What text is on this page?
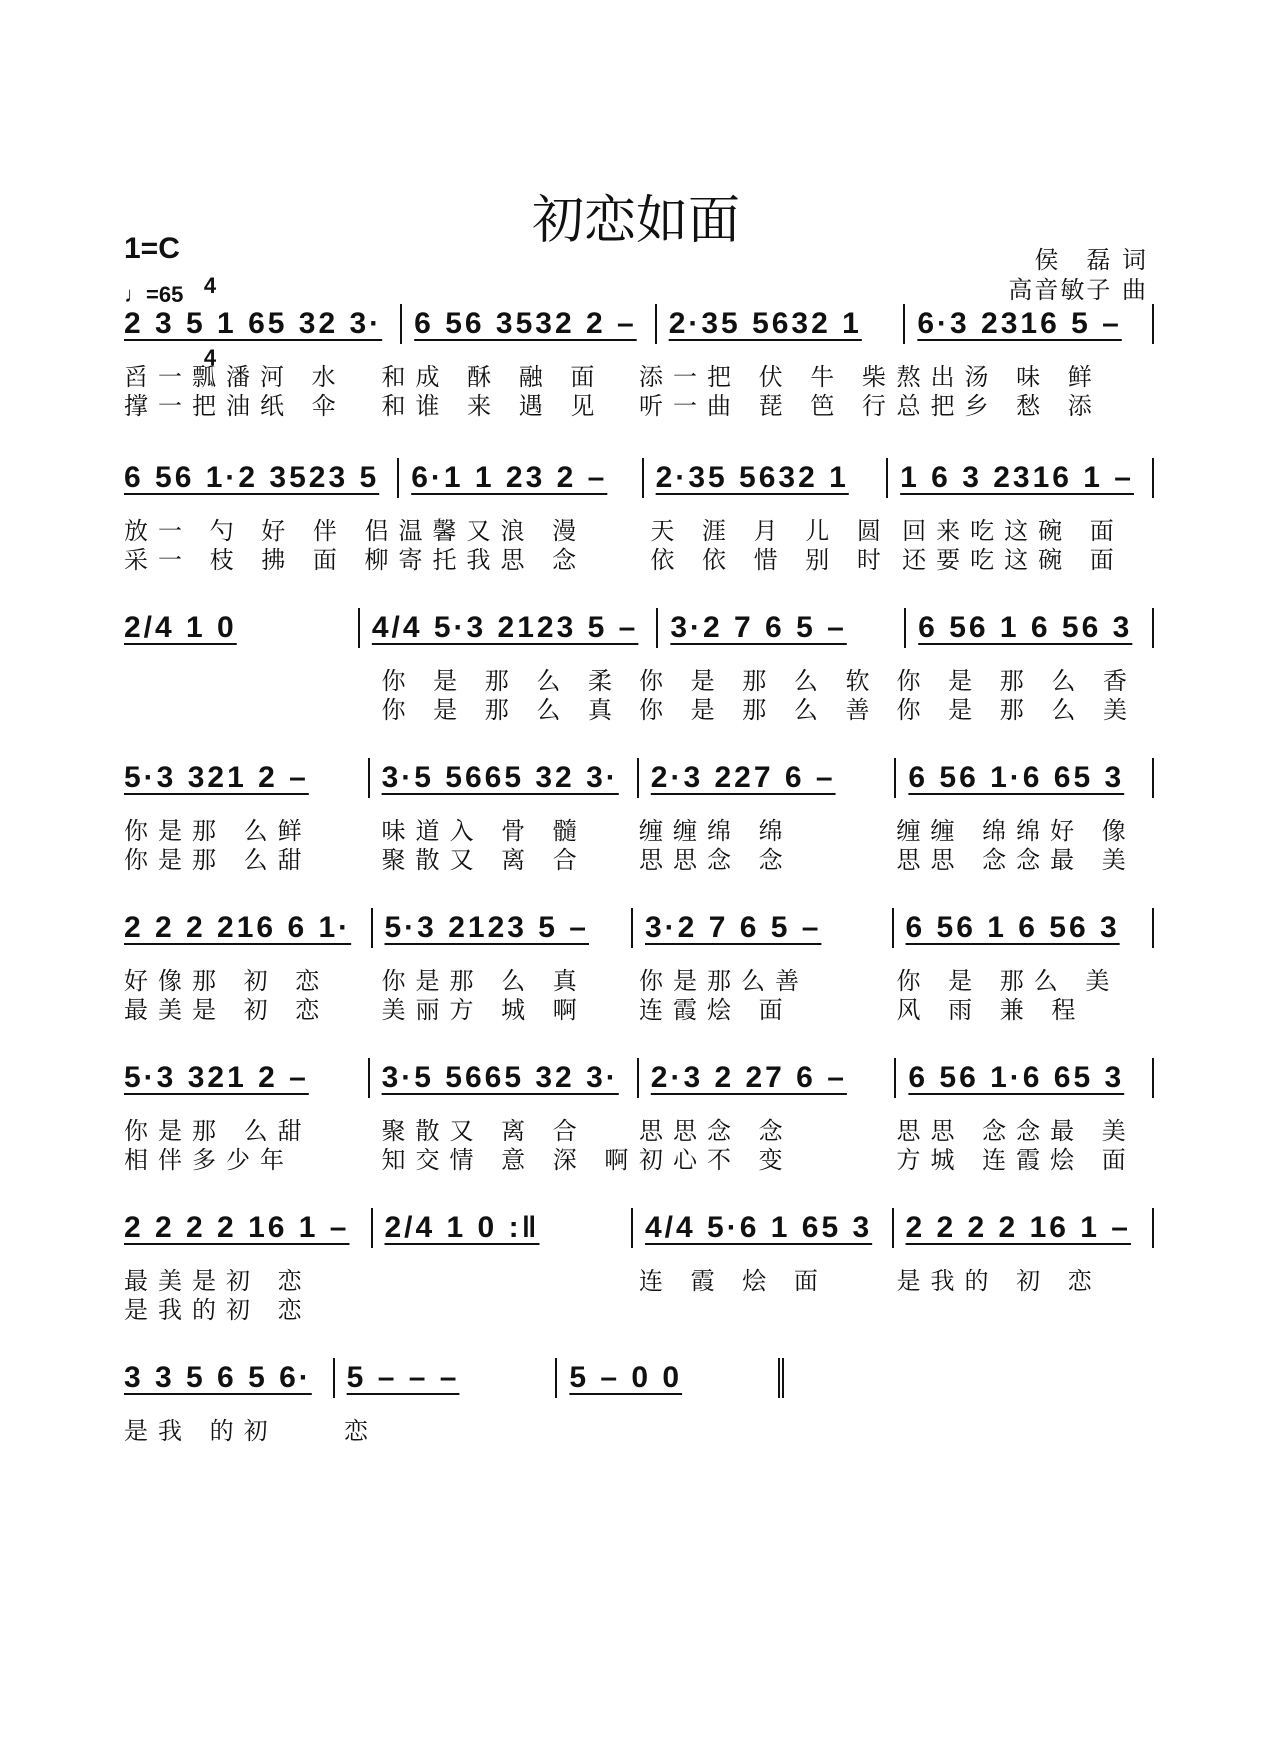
初恋如面
1=C

4

4

♩=65
侯　磊 词
高音敏子 曲
2 3 5 1 65 32 3· 6 56 3532 2 – 2·35 5632 1 6·3 2316 5 –
舀一瓢潘河 水	和成 酥 融 面	添一把 伏 牛 柴 熬出汤 味 鲜
撑一把油纸 伞	和谁 来 遇 见	听一曲 琵 笆 行 总把乡 愁 添
6 56 1·2 3523 5 6·1 1 23 2 – 2·35 5632 1 1 6 3 2316 1 –
放一 勺 好 伴 侣 温馨又浪 漫	天 涯 月 儿 圆 回来吃这碗 面
采一 枝 拂 面 柳 寄托我思 念	依 依 惜 别 时 还要吃这碗 面
2/4 1 0	4/4 5·3 2123 5 – 3·2 7 6 5 – 6 56 1 6 56 3
你 是 那 么 柔 你 是 那 么 软 你 是 那 么 香
你 是 那 么 真 你 是 那 么 善 你 是 那 么 美
5·3 321 2 – 3·5 5665 32 3· 2·3 227 6 – 6 56 1·6 65 3
你是那 么鲜	味道入 骨 髓	缠缠绵 绵	缠缠 绵绵好 像
你是那 么甜	聚散又 离 合	思思念 念	思思 念念最 美
2 2 2 216 6 1· 5·3 2123 5 – 3·2 7 6 5 –	6 56 1 6 56 3
好像那 初 恋	你是那 么 真	你是那么善	你 是 那么 美
最美是 初 恋	美丽方 城 啊	连霞烩 面	风 雨 兼 程
5·3 321 2 – 3·5 5665 32 3· 2·3 2 27 6 – 6 56 1·6 65 3
你是那 么甜	聚散又 离 合	思思念 念	思思 念念最 美
相伴多少年	知交情 意 深 啊 初心不 变	方城 连霞烩 面
2 2 2 2 16 1 – 2/4 1 0 :‖	4/4 5·6 1 65 3 2 2 2 2 16 1 –
最美是初 恋	连 霞 烩 面	是我的 初 恋
是我的初 恋
3 3 5 6 5 6· 5 – – –	5 – 0 0
是我 的初	恋
